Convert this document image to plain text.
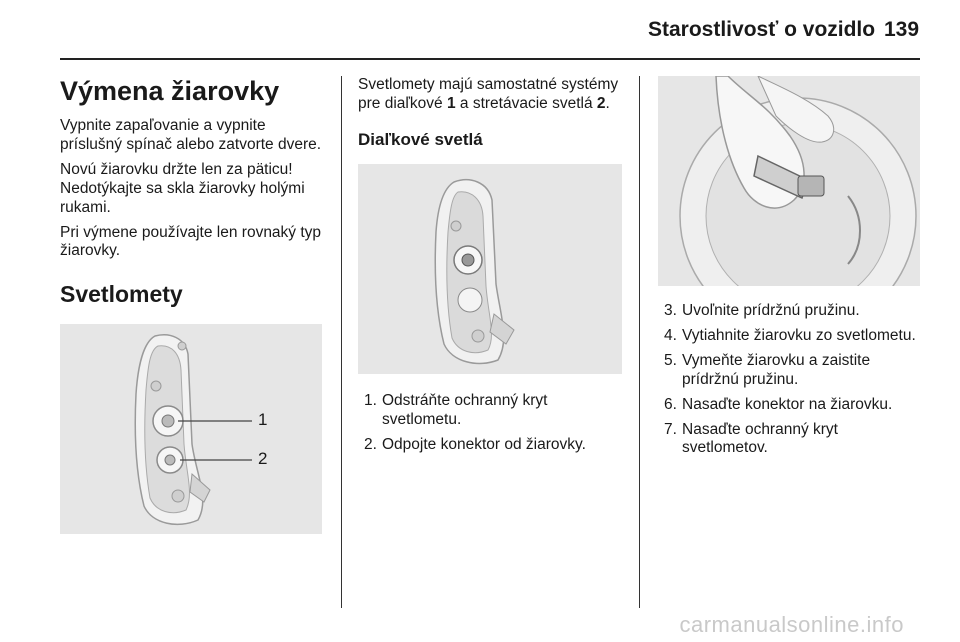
Starostlivosť o vozidlo 139
Výmena žiarovky

Vypnite zapaľovanie a vypnite príslušný spínač alebo zatvorte dvere.

Novú žiarovku držte len za päticu! Nedotýkajte sa skla žiarovky holými rukami.

Pri výmene používajte len rovnaký typ žiarovky.

Svetlomety
1
2

Svetlomety majú samostatné systémy pre diaľkové 1 a stretávacie svetlá 2.

Diaľkové svetlá
1. Odstráňte ochranný kryt svetlometu.
2. Odpojte konektor od žiarovky.
3. Uvoľnite prídržnú pružinu.
4. Vytiahnite žiarovku zo svetlometu.
5. Vymeňte žiarovku a zaistite prídržnú pružinu.
6. Nasaďte konektor na žiarovku.
7. Nasaďte ochranný kryt svetlometov.
carmanualsonline.info
